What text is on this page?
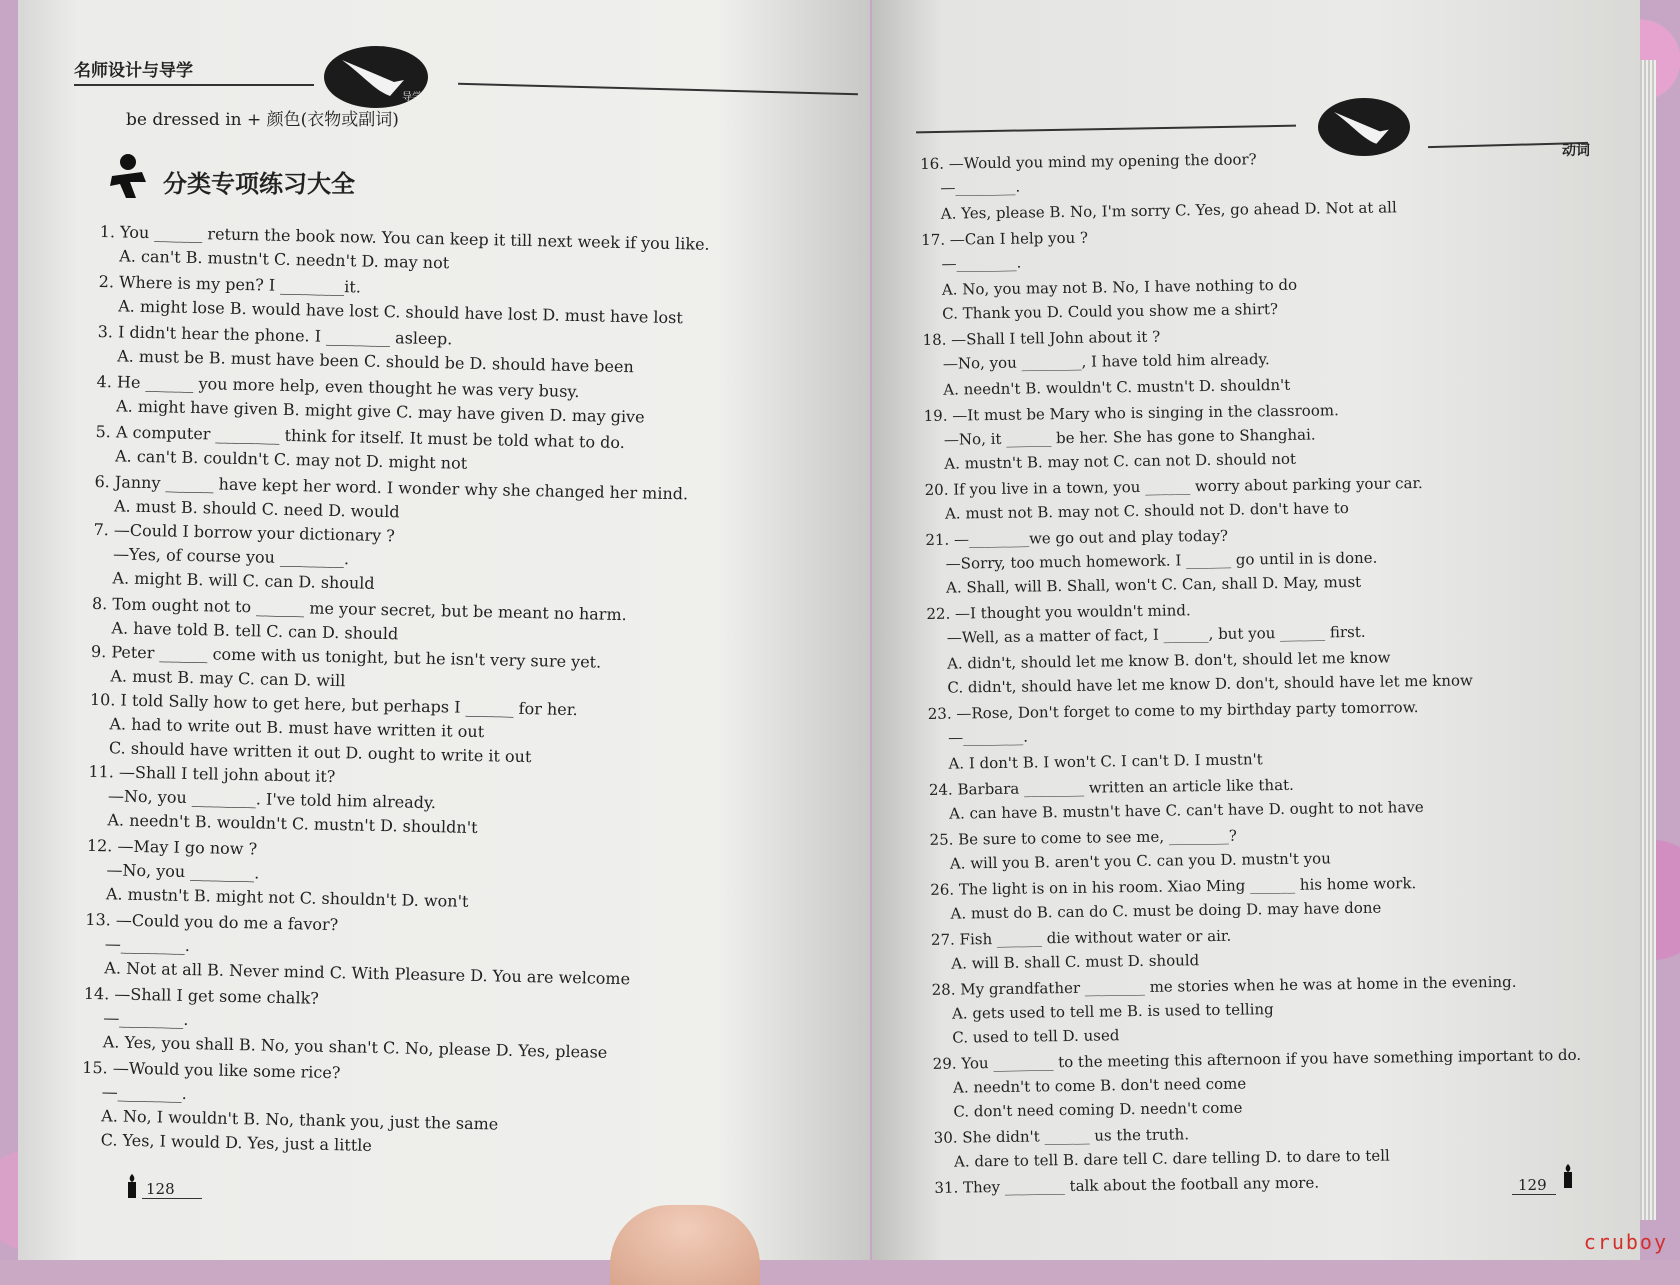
名师设计与导学
导学
be dressed in + 颜色(衣物或副词)
分类专项练习大全
1. You ______ return the book now. You can keep it till next week if you like.
A. can't B. mustn't C. needn't D. may not
2. Where is my pen? I ________it.
A. might lose B. would have lost C. should have lost D. must have lost
3. I didn't hear the phone. I ________ asleep.
A. must be B. must have been C. should be D. should have been
4. He ______ you more help, even thought he was very busy.
A. might have given B. might give C. may have given D. may give
5. A computer ________ think for itself. It must be told what to do.
A. can't B. couldn't C. may not D. might not
6. Janny ______ have kept her word. I wonder why she changed her mind.
A. must B. should C. need D. would
7. —Could I borrow your dictionary ?
—Yes, of course you ________.
A. might B. will C. can D. should
8. Tom ought not to ______ me your secret, but be meant no harm.
A. have told B. tell C. can D. should
9. Peter ______ come with us tonight, but he isn't very sure yet.
A. must B. may C. can D. will
10. I told Sally how to get here, but perhaps I ______ for her.
A. had to write out B. must have written it out
C. should have written it out D. ought to write it out
11. —Shall I tell john about it?
—No, you ________. I've told him already.
A. needn't B. wouldn't C. mustn't D. shouldn't
12. —May I go now ?
—No, you ________.
A. mustn't B. might not C. shouldn't D. won't
13. —Could you do me a favor?
—________.
A. Not at all B. Never mind C. With Pleasure D. You are welcome
14. —Shall I get some chalk?
—________.
A. Yes, you shall B. No, you shan't C. No, please D. Yes, please
15. —Would you like some rice?
—________.
A. No, I wouldn't B. No, thank you, just the same
C. Yes, I would D. Yes, just a little
128
动词
16. —Would you mind my opening the door?
—________.
A. Yes, please B. No, I'm sorry C. Yes, go ahead D. Not at all
17. —Can I help you ?
—________.
A. No, you may not B. No, I have nothing to do
C. Thank you D. Could you show me a shirt?
18. —Shall I tell John about it ?
—No, you ________, I have told him already.
A. needn't B. wouldn't C. mustn't D. shouldn't
19. —It must be Mary who is singing in the classroom.
—No, it ______ be her. She has gone to Shanghai.
A. mustn't B. may not C. can not D. should not
20. If you live in a town, you ______ worry about parking your car.
A. must not B. may not C. should not D. don't have to
21. —________we go out and play today?
—Sorry, too much homework. I ______ go until in is done.
A. Shall, will B. Shall, won't C. Can, shall D. May, must
22. —I thought you wouldn't mind.
—Well, as a matter of fact, I ______, but you ______ first.
A. didn't, should let me know B. don't, should let me know
C. didn't, should have let me know D. don't, should have let me know
23. —Rose, Don't forget to come to my birthday party tomorrow.
—________.
A. I don't B. I won't C. I can't D. I mustn't
24. Barbara ________ written an article like that.
A. can have B. mustn't have C. can't have D. ought to not have
25. Be sure to come to see me, ________?
A. will you B. aren't you C. can you D. mustn't you
26. The light is on in his room. Xiao Ming ______ his home work.
A. must do B. can do C. must be doing D. may have done
27. Fish ______ die without water or air.
A. will B. shall C. must D. should
28. My grandfather ________ me stories when he was at home in the evening.
A. gets used to tell me B. is used to telling
C. used to tell D. used
29. You ________ to the meeting this afternoon if you have something important to do.
A. needn't to come B. don't need come
C. don't need coming D. needn't come
30. She didn't ______ us the truth.
A. dare to tell B. dare tell C. dare telling D. to dare to tell
31. They ________ talk about the football any more.	129
cruboy
